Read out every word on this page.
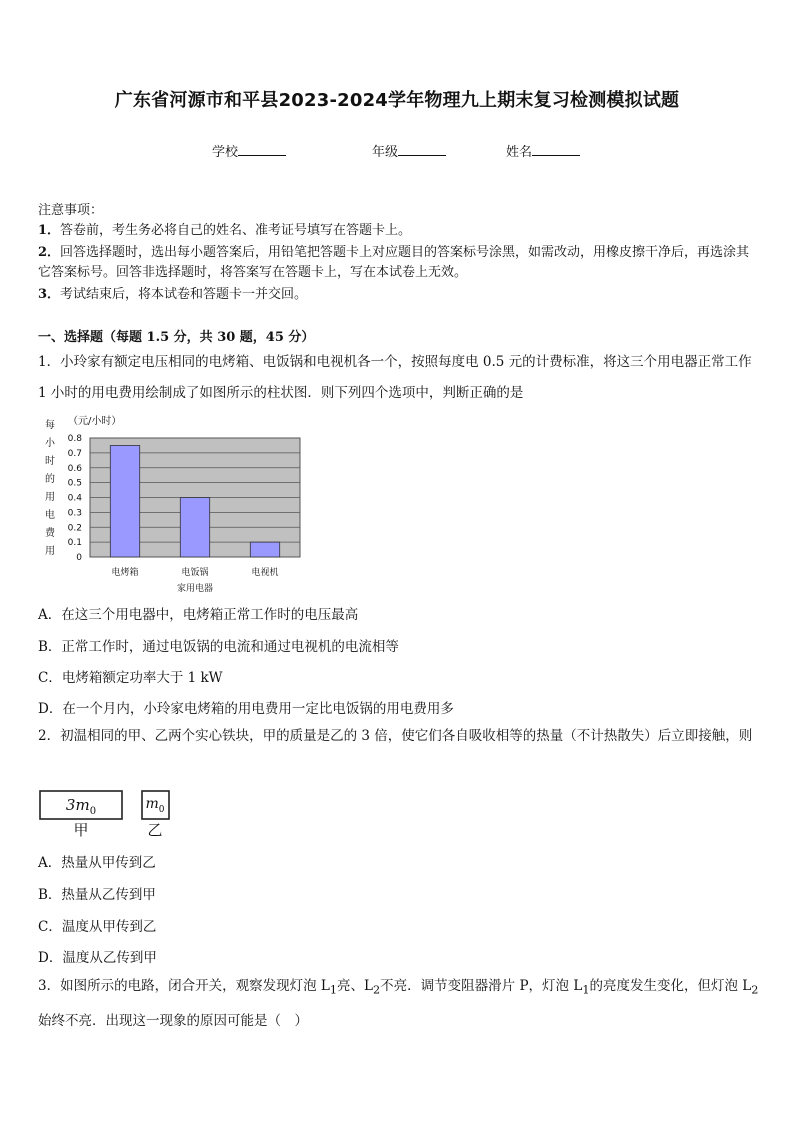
广东省河源市和平县2023-2024学年物理九上期末复习检测模拟试题
学校	年级	姓名
注意事项：
1．答卷前，考生务必将自己的姓名、准考证号填写在答题卡上。
2．回答选择题时，选出每小题答案后，用铅笔把答题卡上对应题目的答案标号涂黑，如需改动，用橡皮擦干净后，再选涂其它答案标号。回答非选择题时，将答案写在答题卡上，写在本试卷上无效。
3．考试结束后，将本试卷和答题卡一并交回。
一、选择题（每题 1.5 分，共 30 题，45 分）
1．小玲家有额定电压相同的电烤箱、电饭锅和电视机各一个，按照每度电 0.5 元的计费标准，将这三个用电器正常工作 1 小时的用电费用绘制成了如图所示的柱状图．则下列四个选项中，判断正确的是
每
小
时
的
用
电
费
用
（元/小时）
0
0.1
0.2
0.3
0.4
0.5
0.6
0.7
0.8
电烤箱	电饭锅	电视机
家用电器
A．在这三个用电器中，电烤箱正常工作时的电压最高
B．正常工作时，通过电饭锅的电流和通过电视机的电流相等
C．电烤箱额定功率大于 1 kW
D．在一个月内，小玲家电烤箱的用电费用一定比电饭锅的用电费用多
2．初温相同的甲、乙两个实心铁块，甲的质量是乙的 3 倍，使它们各自吸收相等的热量（不计热散失）后立即接触，则
$3m_0$
甲
$m_0$
乙
A．热量从甲传到乙
B．热量从乙传到甲
C．温度从甲传到乙
D．温度从乙传到甲
3．如图所示的电路，闭合开关，观察发现灯泡 $L_1$亮、$L_2$不亮．调节变阻器滑片 P，灯泡 $L_1$的亮度发生变化，但灯泡 $L_2$始终不亮．出现这一现象的原因可能是（　）
